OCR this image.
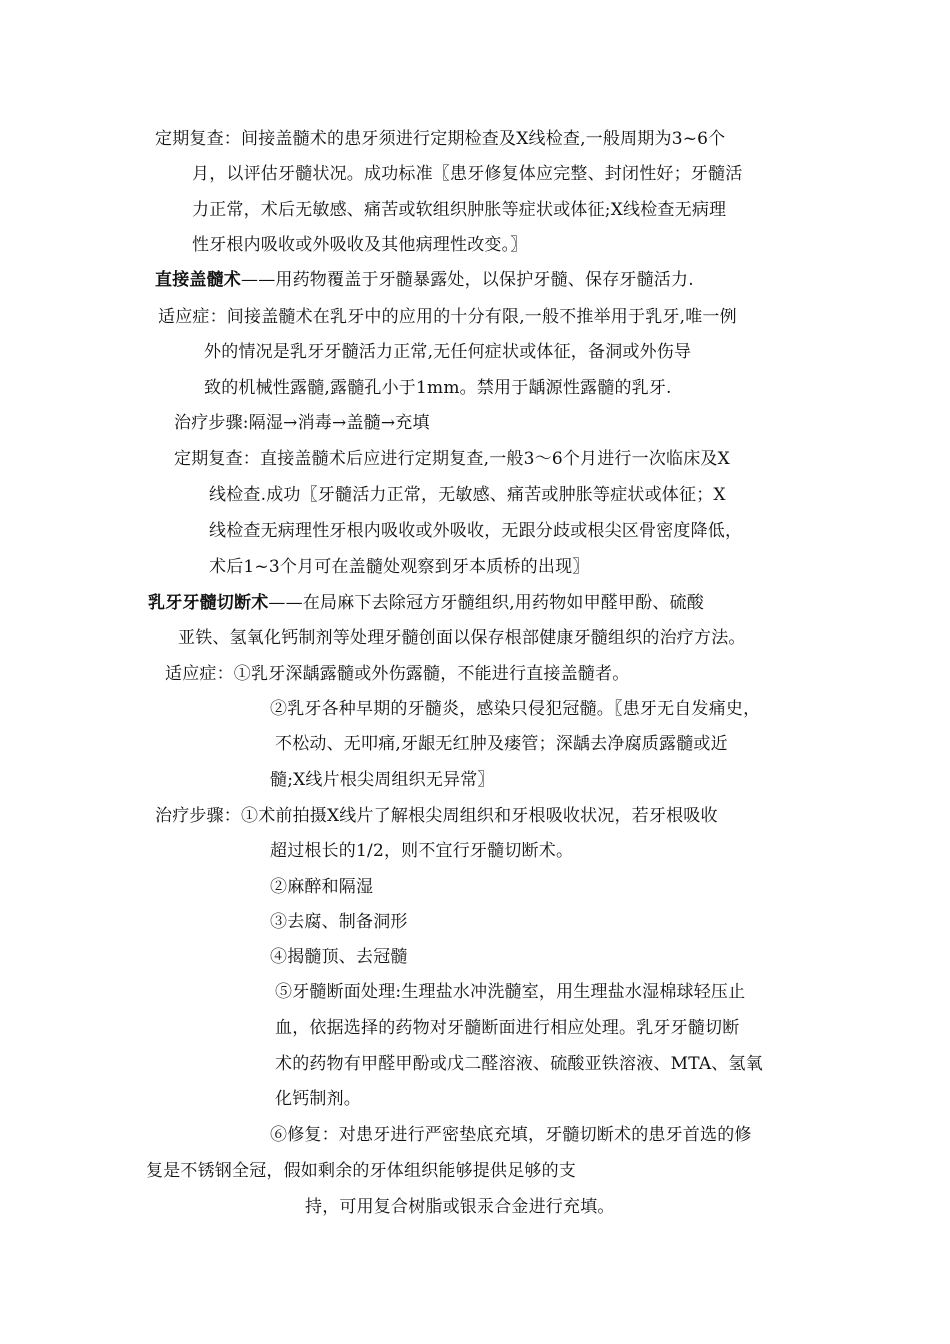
定期复查：间接盖髓术的患牙须进行定期检查及X线检查,一般周期为3~6个
月，以评估牙髓状况。成功标准〖患牙修复体应完整、封闭性好；牙髓活
力正常，术后无敏感、痛苦或软组织肿胀等症状或体征;X线检查无病理
性牙根内吸收或外吸收及其他病理性改变。〗
直接盖髓术——用药物覆盖于牙髓暴露处，以保护牙髓、保存牙髓活力.
适应症：间接盖髓术在乳牙中的应用的十分有限,一般不推举用于乳牙,唯一例
外的情况是乳牙牙髓活力正常,无任何症状或体征，备洞或外伤导
致的机械性露髓,露髓孔小于1mm。禁用于龋源性露髓的乳牙.
治疗步骤:隔湿→消毒→盖髓→充填
定期复查：直接盖髓术后应进行定期复查,一般3～6个月进行一次临床及X
线检查.成功〖牙髓活力正常，无敏感、痛苦或肿胀等症状或体征；X
线检查无病理性牙根内吸收或外吸收，无跟分歧或根尖区骨密度降低，
术后1~3个月可在盖髓处观察到牙本质桥的出现〗
乳牙牙髓切断术——在局麻下去除冠方牙髓组织,用药物如甲醛甲酚、硫酸
亚铁、氢氧化钙制剂等处理牙髓创面以保存根部健康牙髓组织的治疗方法。
适应症：①乳牙深龋露髓或外伤露髓，不能进行直接盖髓者。
②乳牙各种早期的牙髓炎，感染只侵犯冠髓。〖患牙无自发痛史，
不松动、无叩痛,牙龈无红肿及瘘管；深龋去净腐质露髓或近
髓;X线片根尖周组织无异常〗
治疗步骤：①术前拍摄X线片了解根尖周组织和牙根吸收状况，若牙根吸收
超过根长的1/2，则不宜行牙髓切断术。
②麻醉和隔湿
③去腐、制备洞形
④揭髓顶、去冠髓
⑤牙髓断面处理:生理盐水冲洗髓室，用生理盐水湿棉球轻压止
血，依据选择的药物对牙髓断面进行相应处理。乳牙牙髓切断
术的药物有甲醛甲酚或戊二醛溶液、硫酸亚铁溶液、MTA、氢氧
化钙制剂。
⑥修复：对患牙进行严密垫底充填，牙髓切断术的患牙首选的修
复是不锈钢全冠，假如剩余的牙体组织能够提供足够的支
持，可用复合树脂或银汞合金进行充填。
